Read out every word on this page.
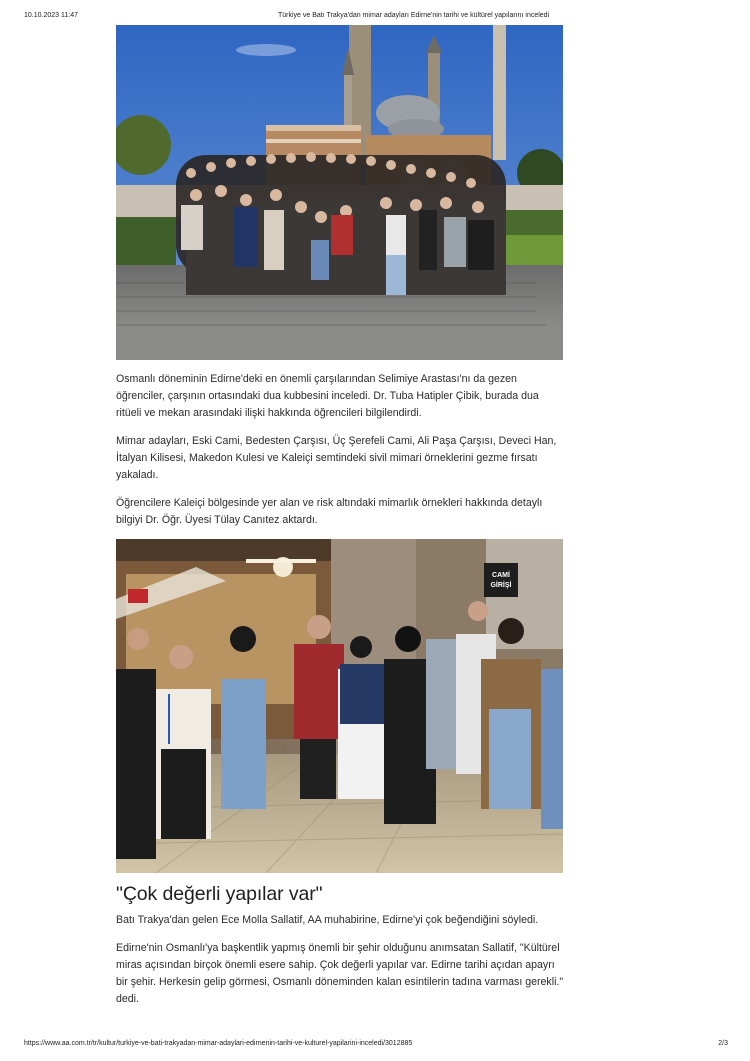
10.10.2023 11:47	Türkiye ve Batı Trakya'dan mimar adayları Edirne'nin tarihi ve kültürel yapılarını inceledi

Osmanlı döneminin Edirne'deki en önemli çarşılarından Selimiye Arastası'nı da gezen öğrenciler, çarşının ortasındaki dua kubbesini inceledi. Dr. Tuba Hatipler Çibik, burada dua ritüeli ve mekan arasındaki ilişki hakkında öğrencileri bilgilendirdi.

Mimar adayları, Eski Cami, Bedesten Çarşısı, Üç Şerefeli Cami, Ali Paşa Çarşısı, Deveci Han, İtalyan Kilisesi, Makedon Kulesi ve Kaleiçi semtindeki sivil mimari örneklerini gezme fırsatı yakaladı.

Öğrencilere Kaleiçi bölgesinde yer alan ve risk altındaki mimarlık örnekleri hakkında detaylı bilgiyi Dr. Öğr. Üyesi Tülay Canıtez aktardı.

CAMİ
GİRİŞİ
"Çok değerli yapılar var"

Batı Trakya'dan gelen Ece Molla Sallatif, AA muhabirine, Edirne'yi çok beğendiğini söyledi.

Edirne'nin Osmanlı'ya başkentlik yapmış önemli bir şehir olduğunu anımsatan Sallatif, "Kültürel miras açısından birçok önemli esere sahip. Çok değerli yapılar var. Edirne tarihi açıdan apayrı bir şehir. Herkesin gelip görmesi, Osmanlı döneminden kalan esintilerin tadına varması gerekli." dedi.

https://www.aa.com.tr/tr/kultur/turkiye-ve-bati-trakyadan-mimar-adaylari-edirnenin-tarihi-ve-kulturel-yapilarini-inceledi/3012885	2/3
